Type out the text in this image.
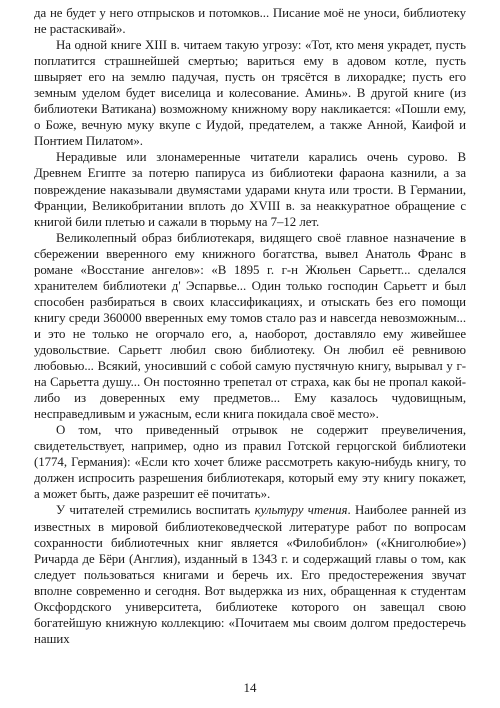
да не будет у него отпрысков и потомков... Писание моё не уноси, библиотеку не растаскивай».

На одной книге XIII в. читаем такую угрозу: «Тот, кто меня украдет, пусть поплатится страшнейшей смертью; вариться ему в адовом котле, пусть швыряет его на землю падучая, пусть он трясётся в лихорадке; пусть его земным уделом будет виселица и колесование. Аминь». В другой книге (из библиотеки Ватикана) возможному книжному вору накликается: «Пошли ему, о Боже, вечную муку вкупе с Иудой, предателем, а также Анной, Каифой и Понтием Пилатом».

Нерадивые или злонамеренные читатели карались очень сурово. В Древнем Египте за потерю папируса из библиотеки фараона казнили, а за повреждение наказывали двумястами ударами кнута или трости. В Германии, Франции, Великобритании вплоть до XVIII в. за неаккуратное обращение с книгой били плетью и сажали в тюрьму на 7–12 лет.

Великолепный образ библиотекаря, видящего своё главное назначение в сбережении вверенного ему книжного богатства, вывел Анатоль Франс в романе «Восстание ангелов»: «В 1895 г. г-н Жюльен Сарьетт... сделался хранителем библиотеки д' Эспарвье... Один только господин Сарьетт и был способен разбираться в своих классификациях, и отыскать без его помощи книгу среди 360000 вверенных ему томов стало раз и навсегда невозможным... и это не только не огорчало его, а, наоборот, доставляло ему живейшее удовольствие. Сарьетт любил свою библиотеку. Он любил её ревнивою любовью... Всякий, уносивший с собой самую пустячную книгу, вырывал у г-на Сарьетта душу... Он постоянно трепетал от страха, как бы не пропал какой-либо из доверенных ему предметов... Ему казалось чудовищным, несправедливым и ужасным, если книга покидала своё место».

О том, что приведенный отрывок не содержит преувеличения, свидетельствует, например, одно из правил Готской герцогской библиотеки (1774, Германия): «Если кто хочет ближе рассмотреть какую-нибудь книгу, то должен испросить разрешения библиотекаря, который ему эту книгу покажет, а может быть, даже разрешит её почитать».

У читателей стремились воспитать культуру чтения. Наиболее ранней из известных в мировой библиотековедческой литературе работ по вопросам сохранности библиотечных книг является «Филобиблон» («Книголюбие») Ричарда де Бёри (Англия), изданный в 1343 г. и содержащий главы о том, как следует пользоваться книгами и беречь их. Его предостережения звучат вполне современно и сегодня. Вот выдержка из них, обращенная к студентам Оксфордского университета, библиотеке которого он завещал свою богатейшую книжную коллекцию: «Почитаем мы своим долгом предостеречь наших

14
